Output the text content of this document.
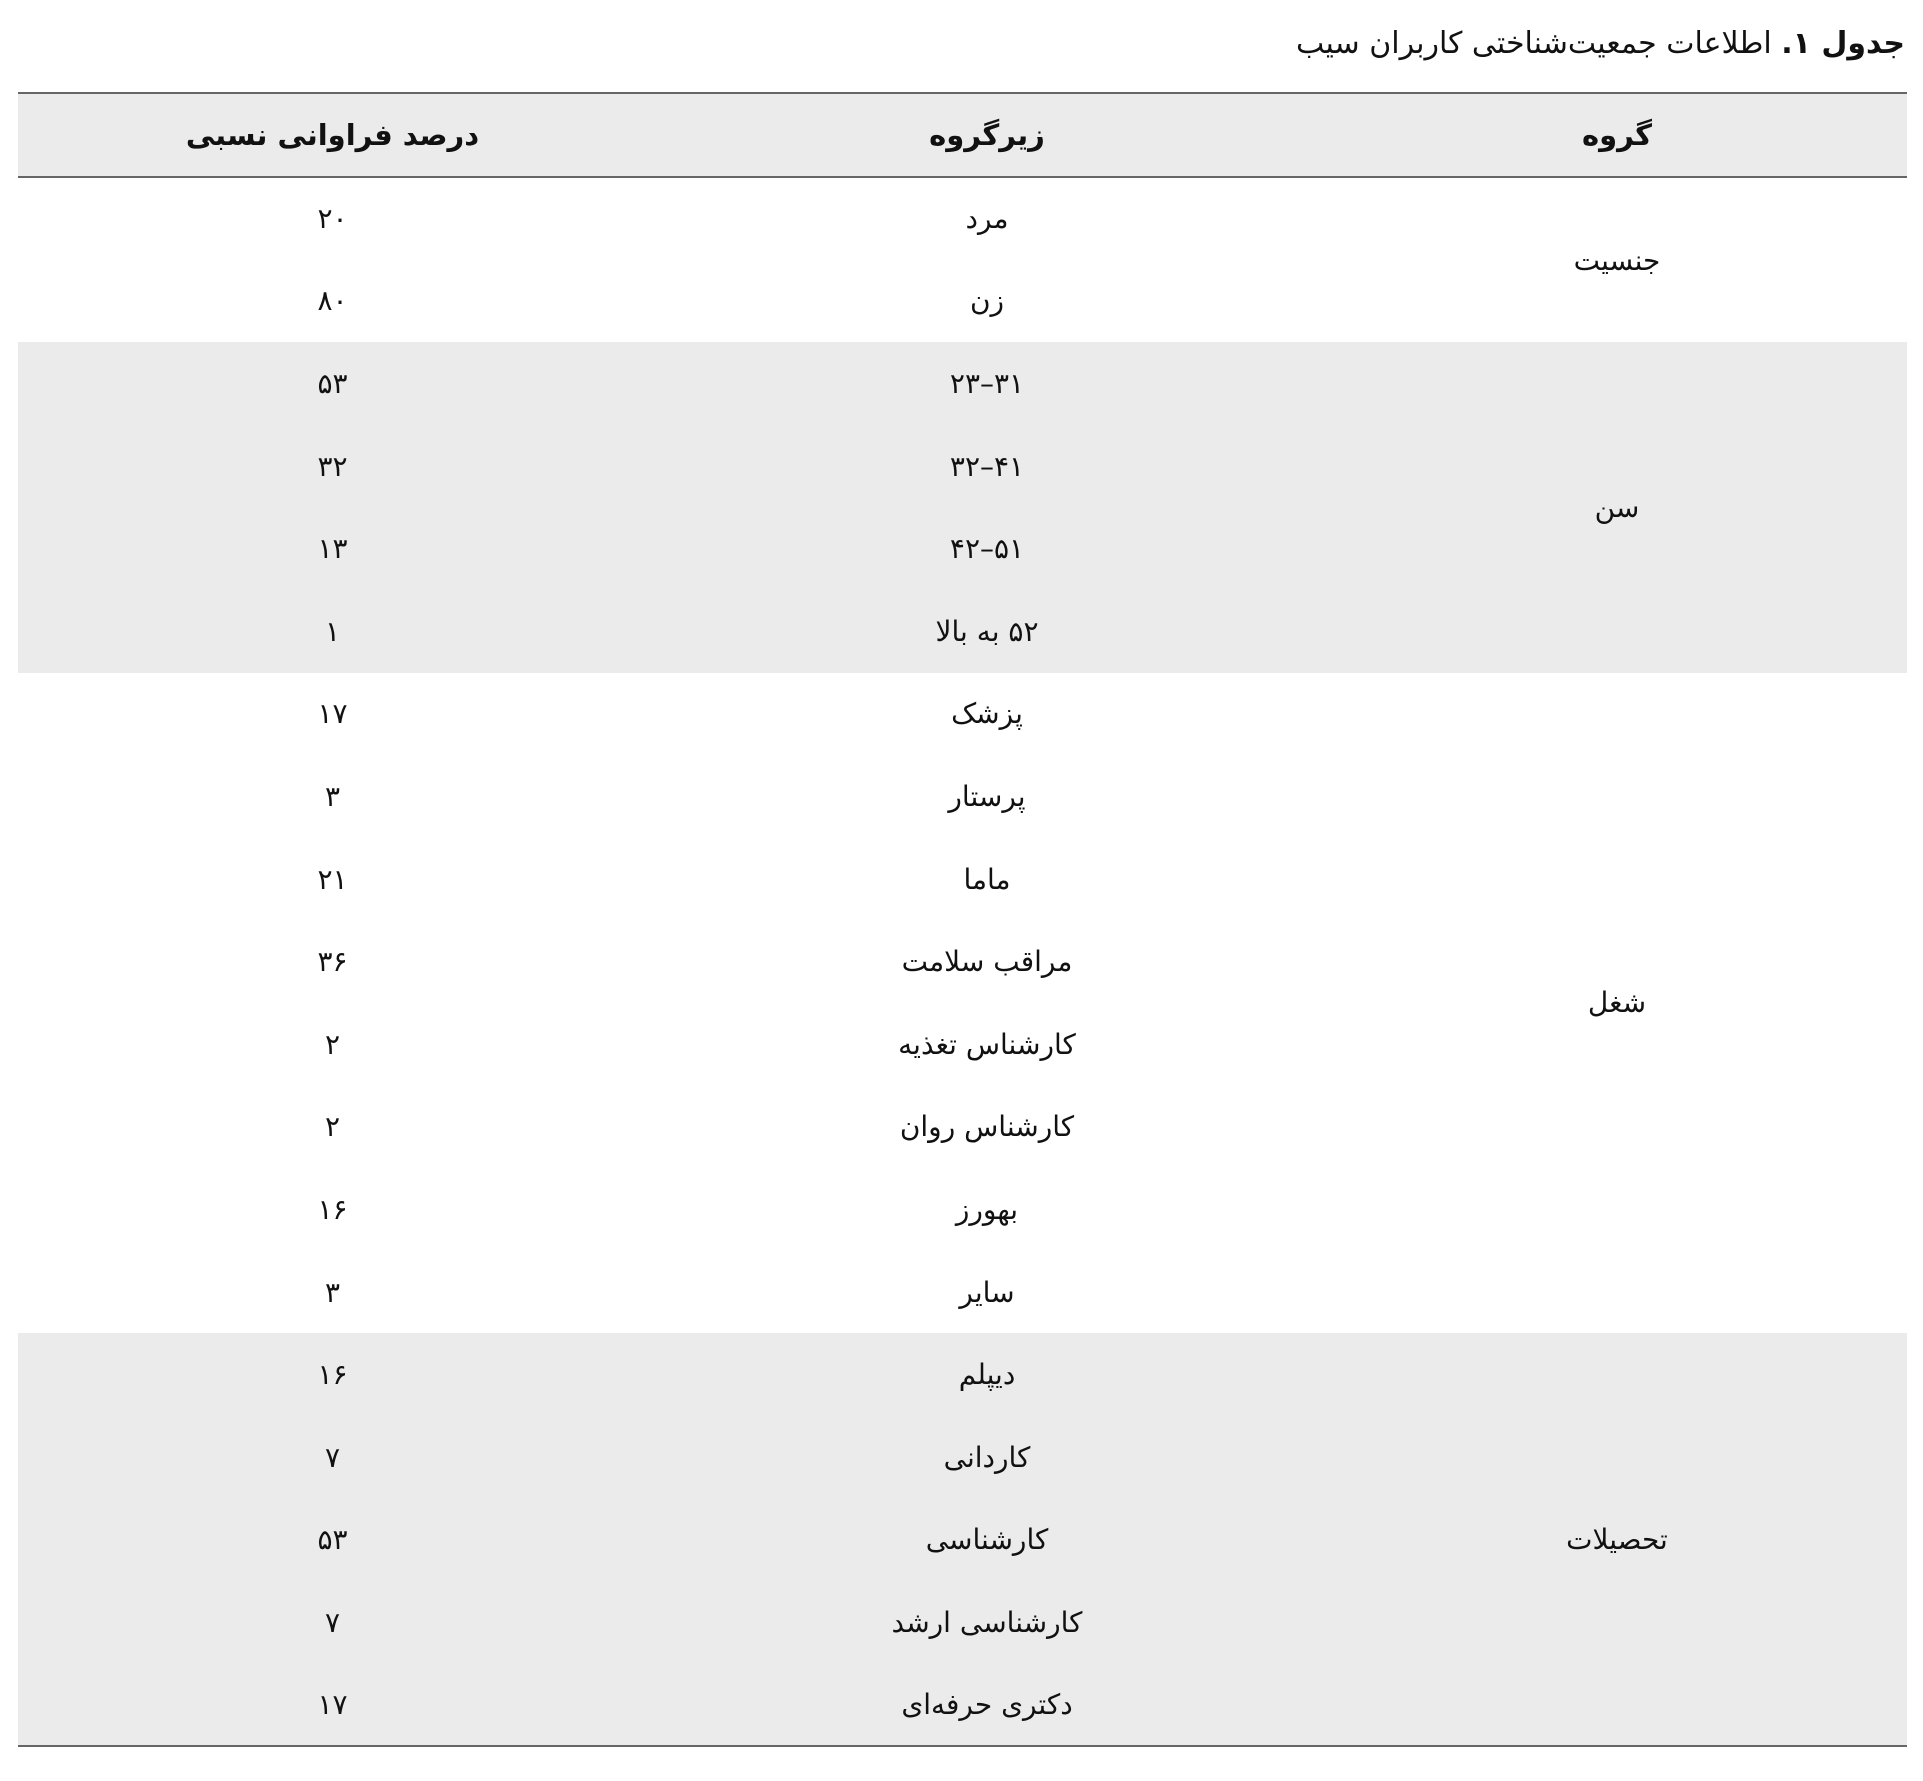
جدول ۱. اطلاعات جمعیت‌شناختی کاربران سیب
گروه	زیرگروه	درصد فراوانی نسبی
جنسیت	مرد	۲۰
	زن	۸۰
سن	۳۱–۲۳	۵۳
	۴۱–۳۲	۳۲
	۵۱–۴۲	۱۳
	۵۲ به بالا	۱
شغل	پزشک	۱۷
	پرستار	۳
	ماما	۲۱
	مراقب سلامت	۳۶
	کارشناس تغذیه	۲
	کارشناس روان	۲
	بهورز	۱۶
	سایر	۳
تحصیلات	دیپلم	۱۶
	کاردانی	۷
	کارشناسی	۵۳
	کارشناسی ارشد	۷
	دکتری حرفه‌ای	۱۷
